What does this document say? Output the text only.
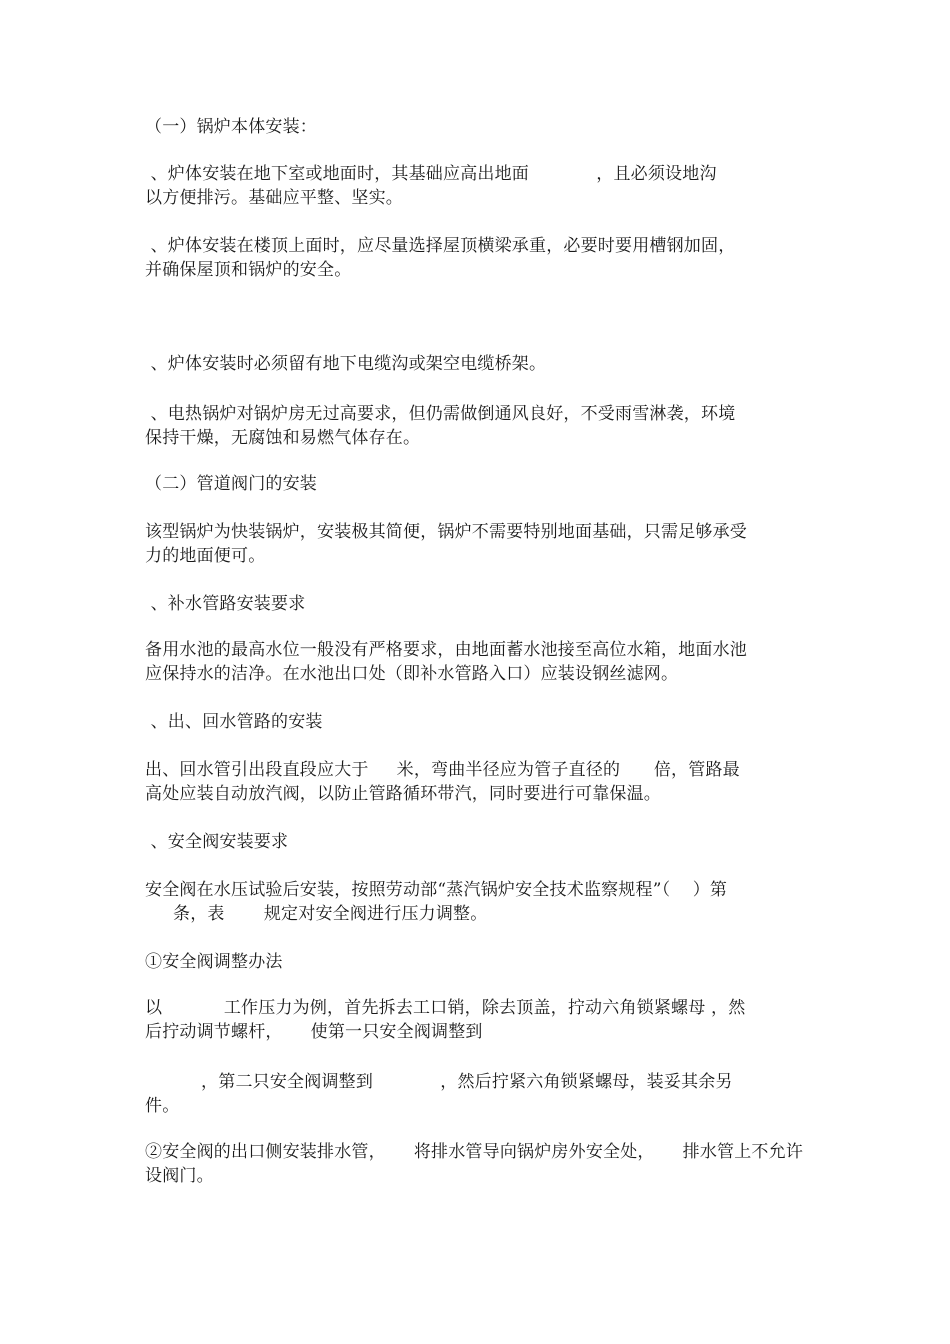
（一）锅炉本体安装：
、炉体安装在地下室或地面时，其基础应高出地面            ，且必须设地沟
以方便排污。基础应平整、坚实。
、炉体安装在楼顶上面时，应尽量选择屋顶横梁承重，必要时要用槽钢加固，
并确保屋顶和锅炉的安全。
、炉体安装时必须留有地下电缆沟或架空电缆桥架。
、电热锅炉对锅炉房无过高要求，但仍需做倒通风良好，不受雨雪淋袭，环境
保持干燥，无腐蚀和易燃气体存在。
（二）管道阀门的安装
该型锅炉为快装锅炉，安装极其简便，锅炉不需要特别地面基础，只需足够承受
力的地面便可。
、补水管路安装要求
备用水池的最高水位一般没有严格要求，由地面蓄水池接至高位水箱，地面水池
应保持水的洁净。在水池出口处（即补水管路入口）应装设钢丝滤网。
、出、回水管路的安装
出、回水管引出段直段应大于     米，弯曲半径应为管子直径的      倍，管路最
高处应装自动放汽阀，以防止管路循环带汽，同时要进行可靠保温。
、安全阀安装要求
安全阀在水压试验后安装，按照劳动部“蒸汽锅炉安全技术监察规程”（    ）第
条，表       规定对安全阀进行压力调整。
①安全阀调整办法
以           工作压力为例，首先拆去工口销，除去顶盖，拧动六角锁紧螺母 ，然
后拧动调节螺杆，     使第一只安全阀调整到
，第二只安全阀调整到            ，然后拧紧六角锁紧螺母，装妥其余另
件。
②安全阀的出口侧安装排水管，     将排水管导向锅炉房外安全处，     排水管上不允许
设阀门。
